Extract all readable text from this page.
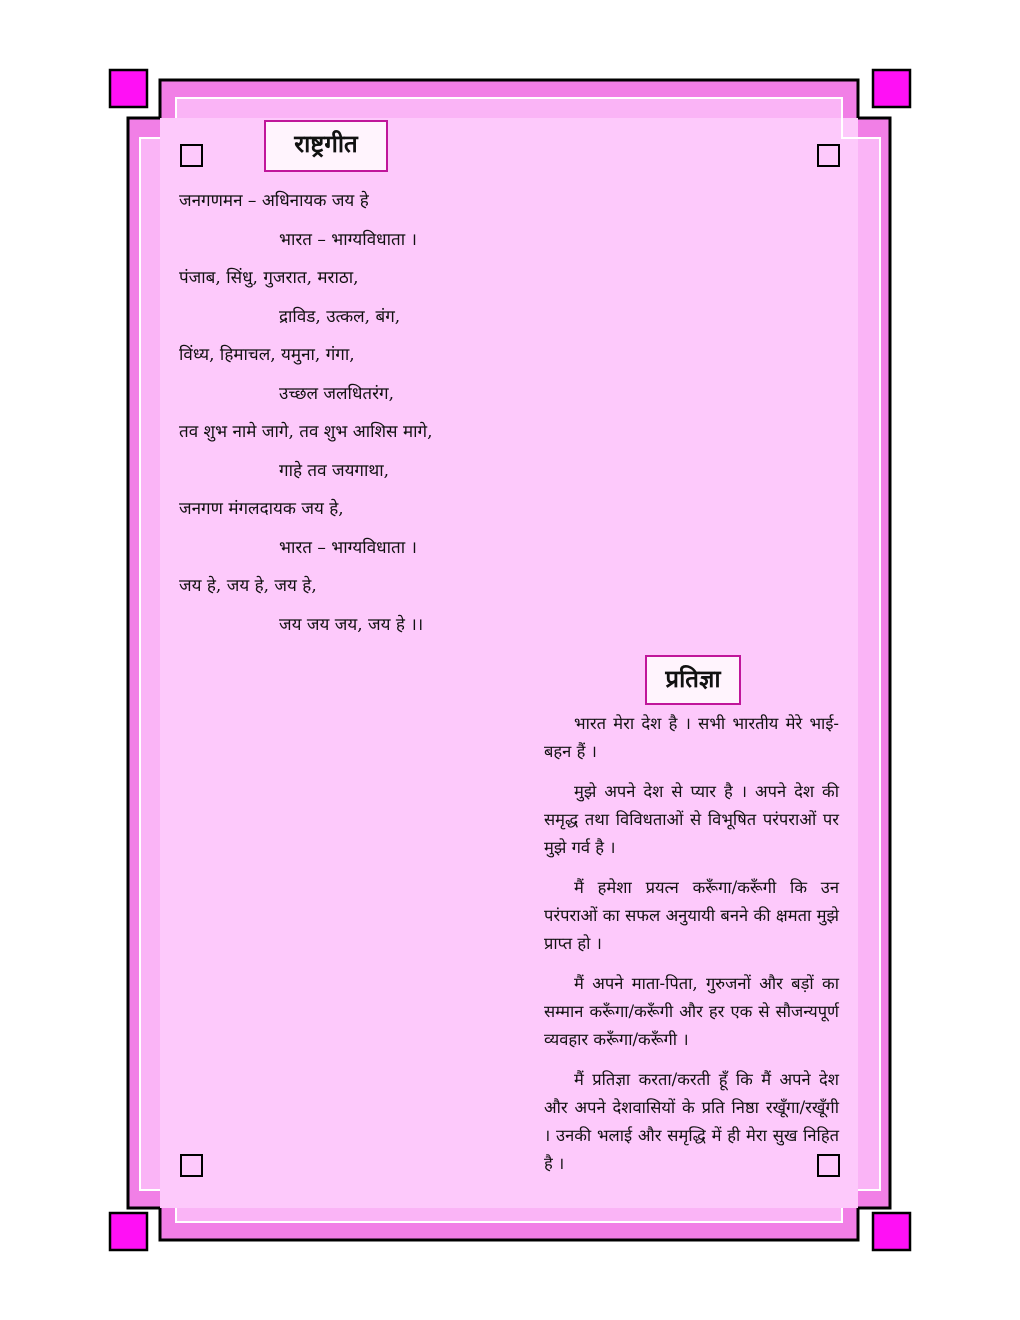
राष्ट्रगीत
जनगणमन – अधिनायक जय हे
भारत – भाग्यविधाता ।
पंजाब, सिंधु, गुजरात, मराठा,
द्राविड, उत्कल, बंग,
विंध्य, हिमाचल, यमुना, गंगा,
उच्छल जलधितरंग,
तव शुभ नामे जागे, तव शुभ आशिस मागे,
गाहे तव जयगाथा,
जनगण मंगलदायक जय हे,
भारत – भाग्यविधाता ।
जय हे, जय हे, जय हे,
जय जय जय, जय हे ।।
प्रतिज्ञा

भारत मेरा देश है । सभी भारतीय मेरे भाई-बहन हैं ।

मुझे अपने देश से प्यार है । अपने देश की समृद्ध तथा विविधताओं से विभूषित परंपराओं पर मुझे गर्व है ।

मैं हमेशा प्रयत्न करूँगा/करूँगी कि उन परंपराओं का सफल अनुयायी बनने की क्षमता मुझे प्राप्त हो ।

मैं अपने माता-पिता, गुरुजनों और बड़ों का सम्मान करूँगा/करूँगी और हर एक से सौजन्यपूर्ण व्यवहार करूँगा/करूँगी ।

मैं प्रतिज्ञा करता/करती हूँ कि मैं अपने देश और अपने देशवासियों के प्रति निष्ठा रखूँगा/रखूँगी । उनकी भलाई और समृद्धि में ही मेरा सुख निहित है ।
